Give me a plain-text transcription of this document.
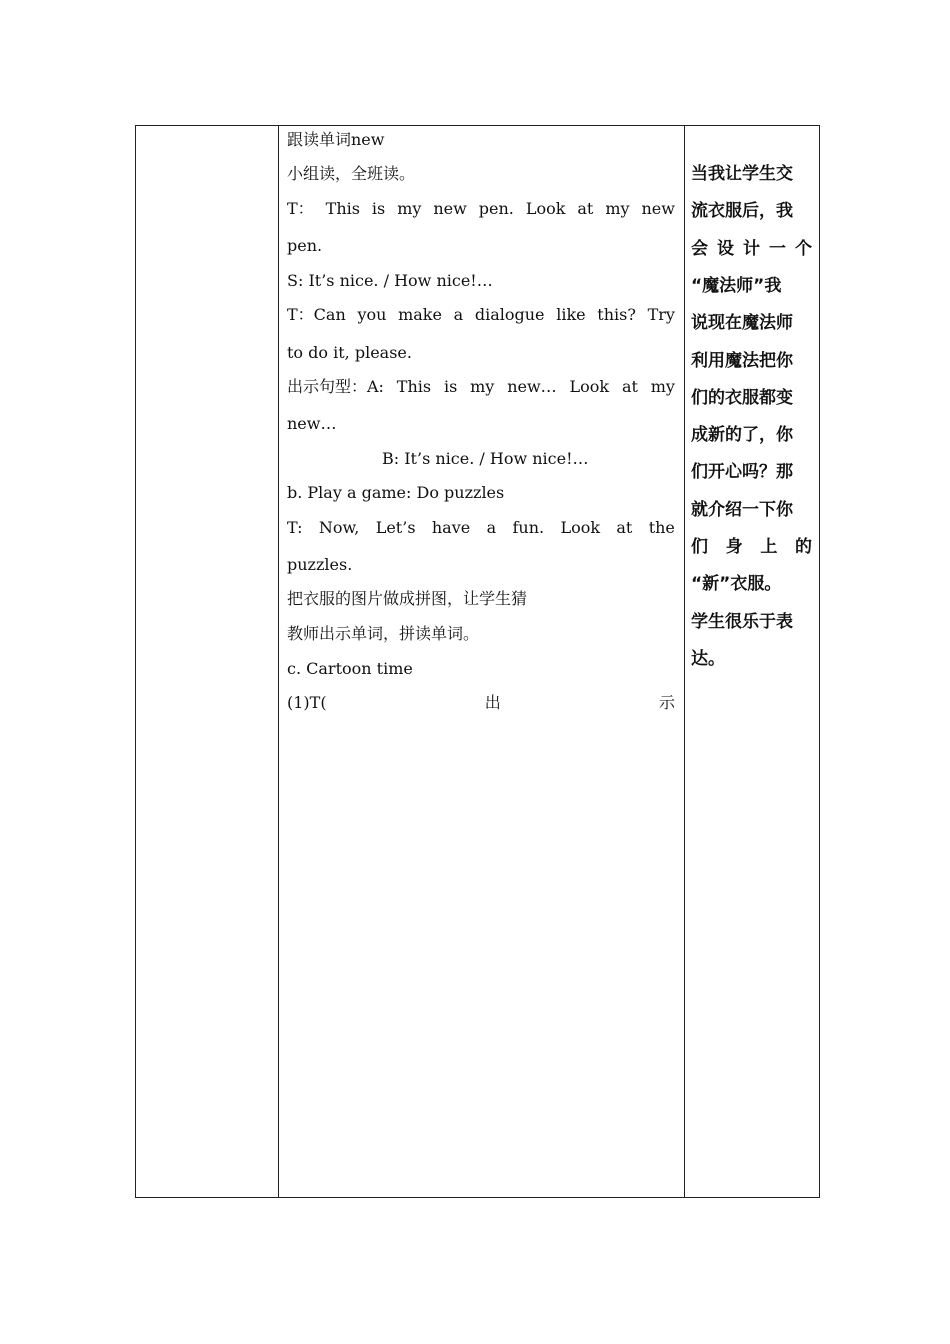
跟读单词new
小组读，全班读。
T： This is my new pen. Look at my new
pen.
S: It’s nice. / How nice!…
T：Can you make a dialogue like this? Try
to do it, please.
出示句型：A: This is my new… Look at my
new…
B: It’s nice. / How nice!…
b. Play a game: Do puzzles
T: Now, Let’s have a fun. Look at the
puzzles.
把衣服的图片做成拼图，让学生猜
教师出示单词，拼读单词。
c. Cartoon time
(1)T(	出	示
当我让学生交
流衣服后，我
会 设 计 一 个
“魔法师”我
说现在魔法师
利用魔法把你
们的衣服都变
成新的了，你
们开心吗？那
就介绍一下你
们 身 上 的
“新”衣服。
学生很乐于表
达。
